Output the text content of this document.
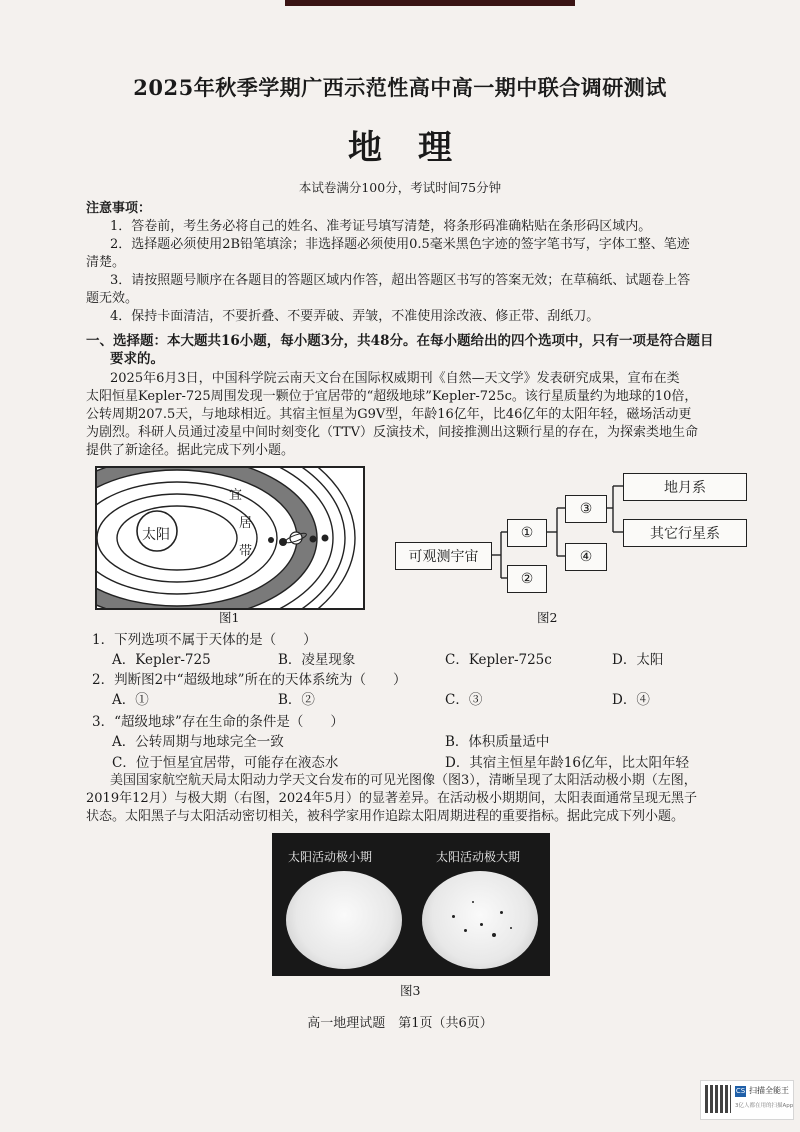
2025年秋季学期广西示范性高中高一期中联合调研测试
地理
本试卷满分100分，考试时间75分钟
注意事项：
1．答卷前，考生务必将自己的姓名、准考证号填写清楚，将条形码准确粘贴在条形码区域内。
2．选择题必须使用2B铅笔填涂；非选择题必须使用0.5毫米黑色字迹的签字笔书写，字体工整、笔迹
清楚。
3．请按照题号顺序在各题目的答题区域内作答，超出答题区书写的答案无效；在草稿纸、试题卷上答
题无效。
4．保持卡面清洁，不要折叠、不要弄破、弄皱，不准使用涂改液、修正带、刮纸刀。
一、选择题：本大题共16小题，每小题3分，共48分。在每小题给出的四个选项中，只有一项是符合题目
要求的。
2025年6月3日，中国科学院云南天文台在国际权威期刊《自然—天文学》发表研究成果，宣布在类
太阳恒星Kepler-725周围发现一颗位于宜居带的“超级地球”Kepler-725c。该行星质量约为地球的10倍，
公转周期207.5天，与地球相近。其宿主恒星为G9V型，年龄16亿年，比46亿年的太阳年轻，磁场活动更
为剧烈。科研人员通过凌星中间时刻变化（TTV）反演技术，间接推测出这颗行星的存在，为探索类地生命
提供了新途径。据此完成下列小题。
太阳
宜
居
带
图1
可观测宇宙
①
②
③
④
地月系
其它行星系
图2
1．下列选项不属于天体的是（　　）
A．Kepler-725	B．凌星现象	C．Kepler-725c	D．太阳
2．判断图2中“超级地球”所在的天体系统为（　　）
A．①	B．②	C．③	D．④
3．“超级地球”存在生命的条件是（　　）
A．公转周期与地球完全一致	B．体积质量适中
C．位于恒星宜居带，可能存在液态水	D．其宿主恒星年龄16亿年，比太阳年轻
美国国家航空航天局太阳动力学天文台发布的可见光图像（图3），清晰呈现了太阳活动极小期（左图，
2019年12月）与极大期（右图，2024年5月）的显著差异。在活动极小期期间，太阳表面通常呈现无黑子
状态。太阳黑子与太阳活动密切相关，被科学家用作追踪太阳周期进程的重要指标。据此完成下列小题。
太阳活动极小期	太阳活动极大期
图3
高一地理试题　第1页（共6页）
CS 扫描全能王
3亿人都在用的扫描App
